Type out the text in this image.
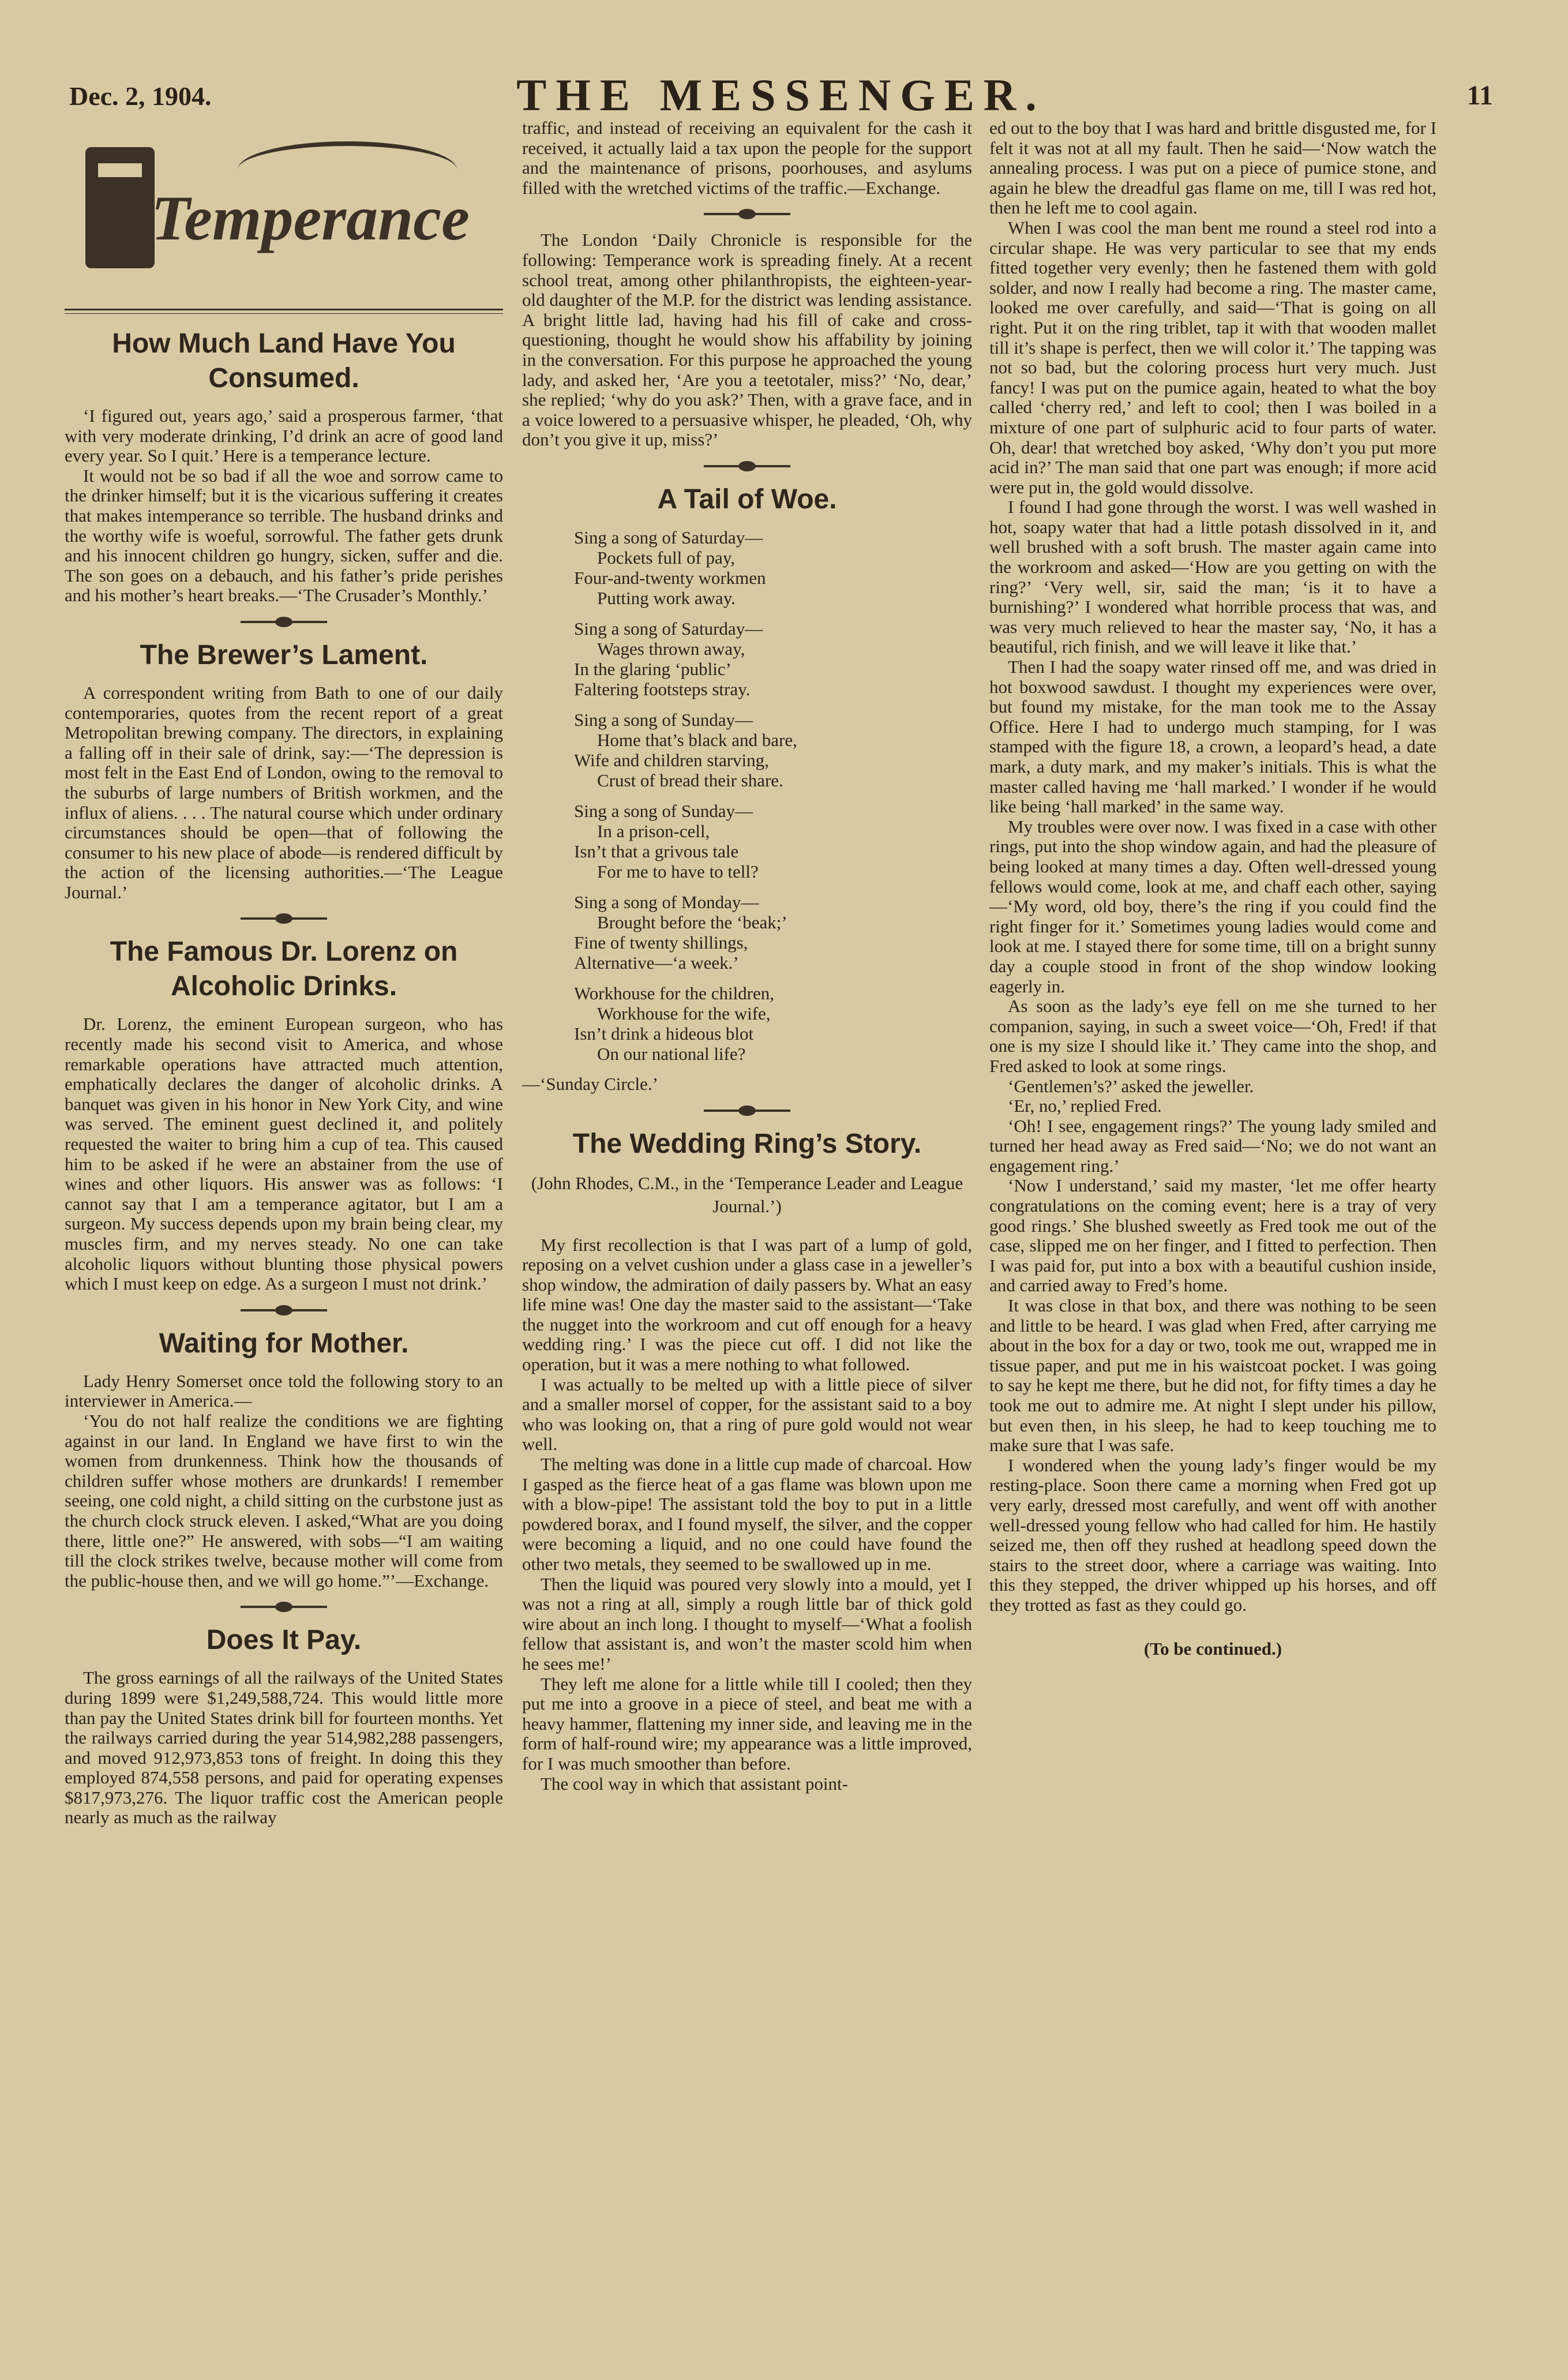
Dec. 2, 1904.	THE MESSENGER.	11
Temperance
How Much Land Have You Consumed.

‘I figured out, years ago,’ said a prosperous farmer, ‘that with very moderate drinking, I’d drink an acre of good land every year. So I quit.’ Here is a temperance lecture.

It would not be so bad if all the woe and sorrow came to the drinker himself; but it is the vicarious suffering it creates that makes intemperance so terrible. The husband drinks and the worthy wife is woeful, sorrowful. The father gets drunk and his innocent children go hungry, sicken, suffer and die. The son goes on a debauch, and his father’s pride perishes and his mother’s heart breaks.—‘The Crusader’s Monthly.’

The Brewer’s Lament.

A correspondent writing from Bath to one of our daily contemporaries, quotes from the recent report of a great Metropolitan brewing company. The directors, in explaining a falling off in their sale of drink, say:—‘The depression is most felt in the East End of London, owing to the removal to the suburbs of large numbers of British workmen, and the influx of aliens. . . . The natural course which under ordinary circumstances should be open—that of following the consumer to his new place of abode—is rendered difficult by the action of the licensing authorities.—‘The League Journal.’

The Famous Dr. Lorenz on Alcoholic Drinks.

Dr. Lorenz, the eminent European surgeon, who has recently made his second visit to America, and whose remarkable operations have attracted much attention, emphatically declares the danger of alcoholic drinks. A banquet was given in his honor in New York City, and wine was served. The eminent guest declined it, and politely requested the waiter to bring him a cup of tea. This caused him to be asked if he were an abstainer from the use of wines and other liquors. His answer was as follows: ‘I cannot say that I am a temperance agitator, but I am a surgeon. My success depends upon my brain being clear, my muscles firm, and my nerves steady. No one can take alcoholic liquors without blunting those physical powers which I must keep on edge. As a surgeon I must not drink.’

Waiting for Mother.

Lady Henry Somerset once told the following story to an interviewer in America.—

‘You do not half realize the conditions we are fighting against in our land. In England we have first to win the women from drunkenness. Think how the thousands of children suffer whose mothers are drunkards! I remember seeing, one cold night, a child sitting on the curbstone just as the church clock struck eleven. I asked,“What are you doing there, little one?” He answered, with sobs—“I am waiting till the clock strikes twelve, because mother will come from the public-house then, and we will go home.”’—Exchange.

Does It Pay.

The gross earnings of all the railways of the United States during 1899 were $1,249,588,724. This would little more than pay the United States drink bill for fourteen months. Yet the railways carried during the year 514,982,288 passengers, and moved 912,973,853 tons of freight. In doing this they employed 874,558 persons, and paid for operating expenses $817,973,276. The liquor traffic cost the American people nearly as much as the railway

traffic, and instead of receiving an equivalent for the cash it received, it actually laid a tax upon the people for the support and the maintenance of prisons, poorhouses, and asylums filled with the wretched victims of the traffic.—Exchange.

The London ‘Daily Chronicle is responsible for the following: Temperance work is spreading finely. At a recent school treat, among other philanthropists, the eighteen-year-old daughter of the M.P. for the district was lending assistance. A bright little lad, having had his fill of cake and cross-questioning, thought he would show his affability by joining in the conversation. For this purpose he approached the young lady, and asked her, ‘Are you a teetotaler, miss?’ ‘No, dear,’ she replied; ‘why do you ask?’ Then, with a grave face, and in a voice lowered to a persuasive whisper, he pleaded, ‘Oh, why don’t you give it up, miss?’

A Tail of Woe.
Sing a song of Saturday—
Pockets full of pay,
Four-and-twenty workmen
Putting work away.
Sing a song of Saturday—
Wages thrown away,
In the glaring ‘public’
Faltering footsteps stray.
Sing a song of Sunday—
Home that’s black and bare,
Wife and children starving,
Crust of bread their share.
Sing a song of Sunday—
In a prison-cell,
Isn’t that a grivous tale
For me to have to tell?
Sing a song of Monday—
Brought before the ‘beak;’
Fine of twenty shillings,
Alternative—‘a week.’
Workhouse for the children,
Workhouse for the wife,
Isn’t drink a hideous blot
On our national life?

—‘Sunday Circle.’

The Wedding Ring’s Story.
(John Rhodes, C.M., in the ‘Temperance Leader and League Journal.’)

My first recollection is that I was part of a lump of gold, reposing on a velvet cushion under a glass case in a jeweller’s shop window, the admiration of daily passers by. What an easy life mine was! One day the master said to the assistant—‘Take the nugget into the workroom and cut off enough for a heavy wedding ring.’ I was the piece cut off. I did not like the operation, but it was a mere nothing to what followed.

I was actually to be melted up with a little piece of silver and a smaller morsel of copper, for the assistant said to a boy who was looking on, that a ring of pure gold would not wear well.

The melting was done in a little cup made of charcoal. How I gasped as the fierce heat of a gas flame was blown upon me with a blow-pipe! The assistant told the boy to put in a little powdered borax, and I found myself, the silver, and the copper were becoming a liquid, and no one could have found the other two metals, they seemed to be swallowed up in me.

Then the liquid was poured very slowly into a mould, yet I was not a ring at all, simply a rough little bar of thick gold wire about an inch long. I thought to myself—‘What a foolish fellow that assistant is, and won’t the master scold him when he sees me!’

They left me alone for a little while till I cooled; then they put me into a groove in a piece of steel, and beat me with a heavy hammer, flattening my inner side, and leaving me in the form of half-round wire; my appearance was a little improved, for I was much smoother than before.

The cool way in which that assistant point-

ed out to the boy that I was hard and brittle disgusted me, for I felt it was not at all my fault. Then he said—‘Now watch the annealing process. I was put on a piece of pumice stone, and again he blew the dreadful gas flame on me, till I was red hot, then he left me to cool again.

When I was cool the man bent me round a steel rod into a circular shape. He was very particular to see that my ends fitted together very evenly; then he fastened them with gold solder, and now I really had become a ring. The master came, looked me over carefully, and said—‘That is going on all right. Put it on the ring triblet, tap it with that wooden mallet till it’s shape is perfect, then we will color it.’ The tapping was not so bad, but the coloring process hurt very much. Just fancy! I was put on the pumice again, heated to what the boy called ‘cherry red,’ and left to cool; then I was boiled in a mixture of one part of sulphuric acid to four parts of water. Oh, dear! that wretched boy asked, ‘Why don’t you put more acid in?’ The man said that one part was enough; if more acid were put in, the gold would dissolve.

I found I had gone through the worst. I was well washed in hot, soapy water that had a little potash dissolved in it, and well brushed with a soft brush. The master again came into the workroom and asked—‘How are you getting on with the ring?’ ‘Very well, sir, said the man; ‘is it to have a burnishing?’ I wondered what horrible process that was, and was very much relieved to hear the master say, ‘No, it has a beautiful, rich finish, and we will leave it like that.’

Then I had the soapy water rinsed off me, and was dried in hot boxwood sawdust. I thought my experiences were over, but found my mistake, for the man took me to the Assay Office. Here I had to undergo much stamping, for I was stamped with the figure 18, a crown, a leopard’s head, a date mark, a duty mark, and my maker’s initials. This is what the master called having me ‘hall marked.’ I wonder if he would like being ‘hall marked’ in the same way.

My troubles were over now. I was fixed in a case with other rings, put into the shop window again, and had the pleasure of being looked at many times a day. Often well-dressed young fellows would come, look at me, and chaff each other, saying—‘My word, old boy, there’s the ring if you could find the right finger for it.’ Sometimes young ladies would come and look at me. I stayed there for some time, till on a bright sunny day a couple stood in front of the shop window looking eagerly in.

As soon as the lady’s eye fell on me she turned to her companion, saying, in such a sweet voice—‘Oh, Fred! if that one is my size I should like it.’ They came into the shop, and Fred asked to look at some rings.

‘Gentlemen’s?’ asked the jeweller.

‘Er, no,’ replied Fred.

‘Oh! I see, engagement rings?’ The young lady smiled and turned her head away as Fred said—‘No; we do not want an engagement ring.’

‘Now I understand,’ said my master, ‘let me offer hearty congratulations on the coming event; here is a tray of very good rings.’ She blushed sweetly as Fred took me out of the case, slipped me on her finger, and I fitted to perfection. Then I was paid for, put into a box with a beautiful cushion inside, and carried away to Fred’s home.

It was close in that box, and there was nothing to be seen and little to be heard. I was glad when Fred, after carrying me about in the box for a day or two, took me out, wrapped me in tissue paper, and put me in his waistcoat pocket. I was going to say he kept me there, but he did not, for fifty times a day he took me out to admire me. At night I slept under his pillow, but even then, in his sleep, he had to keep touching me to make sure that I was safe.

I wondered when the young lady’s finger would be my resting-place. Soon there came a morning when Fred got up very early, dressed most carefully, and went off with another well-dressed young fellow who had called for him. He hastily seized me, then off they rushed at headlong speed down the stairs to the street door, where a carriage was waiting. Into this they stepped, the driver whipped up his horses, and off they trotted as fast as they could go.

(To be continued.)
